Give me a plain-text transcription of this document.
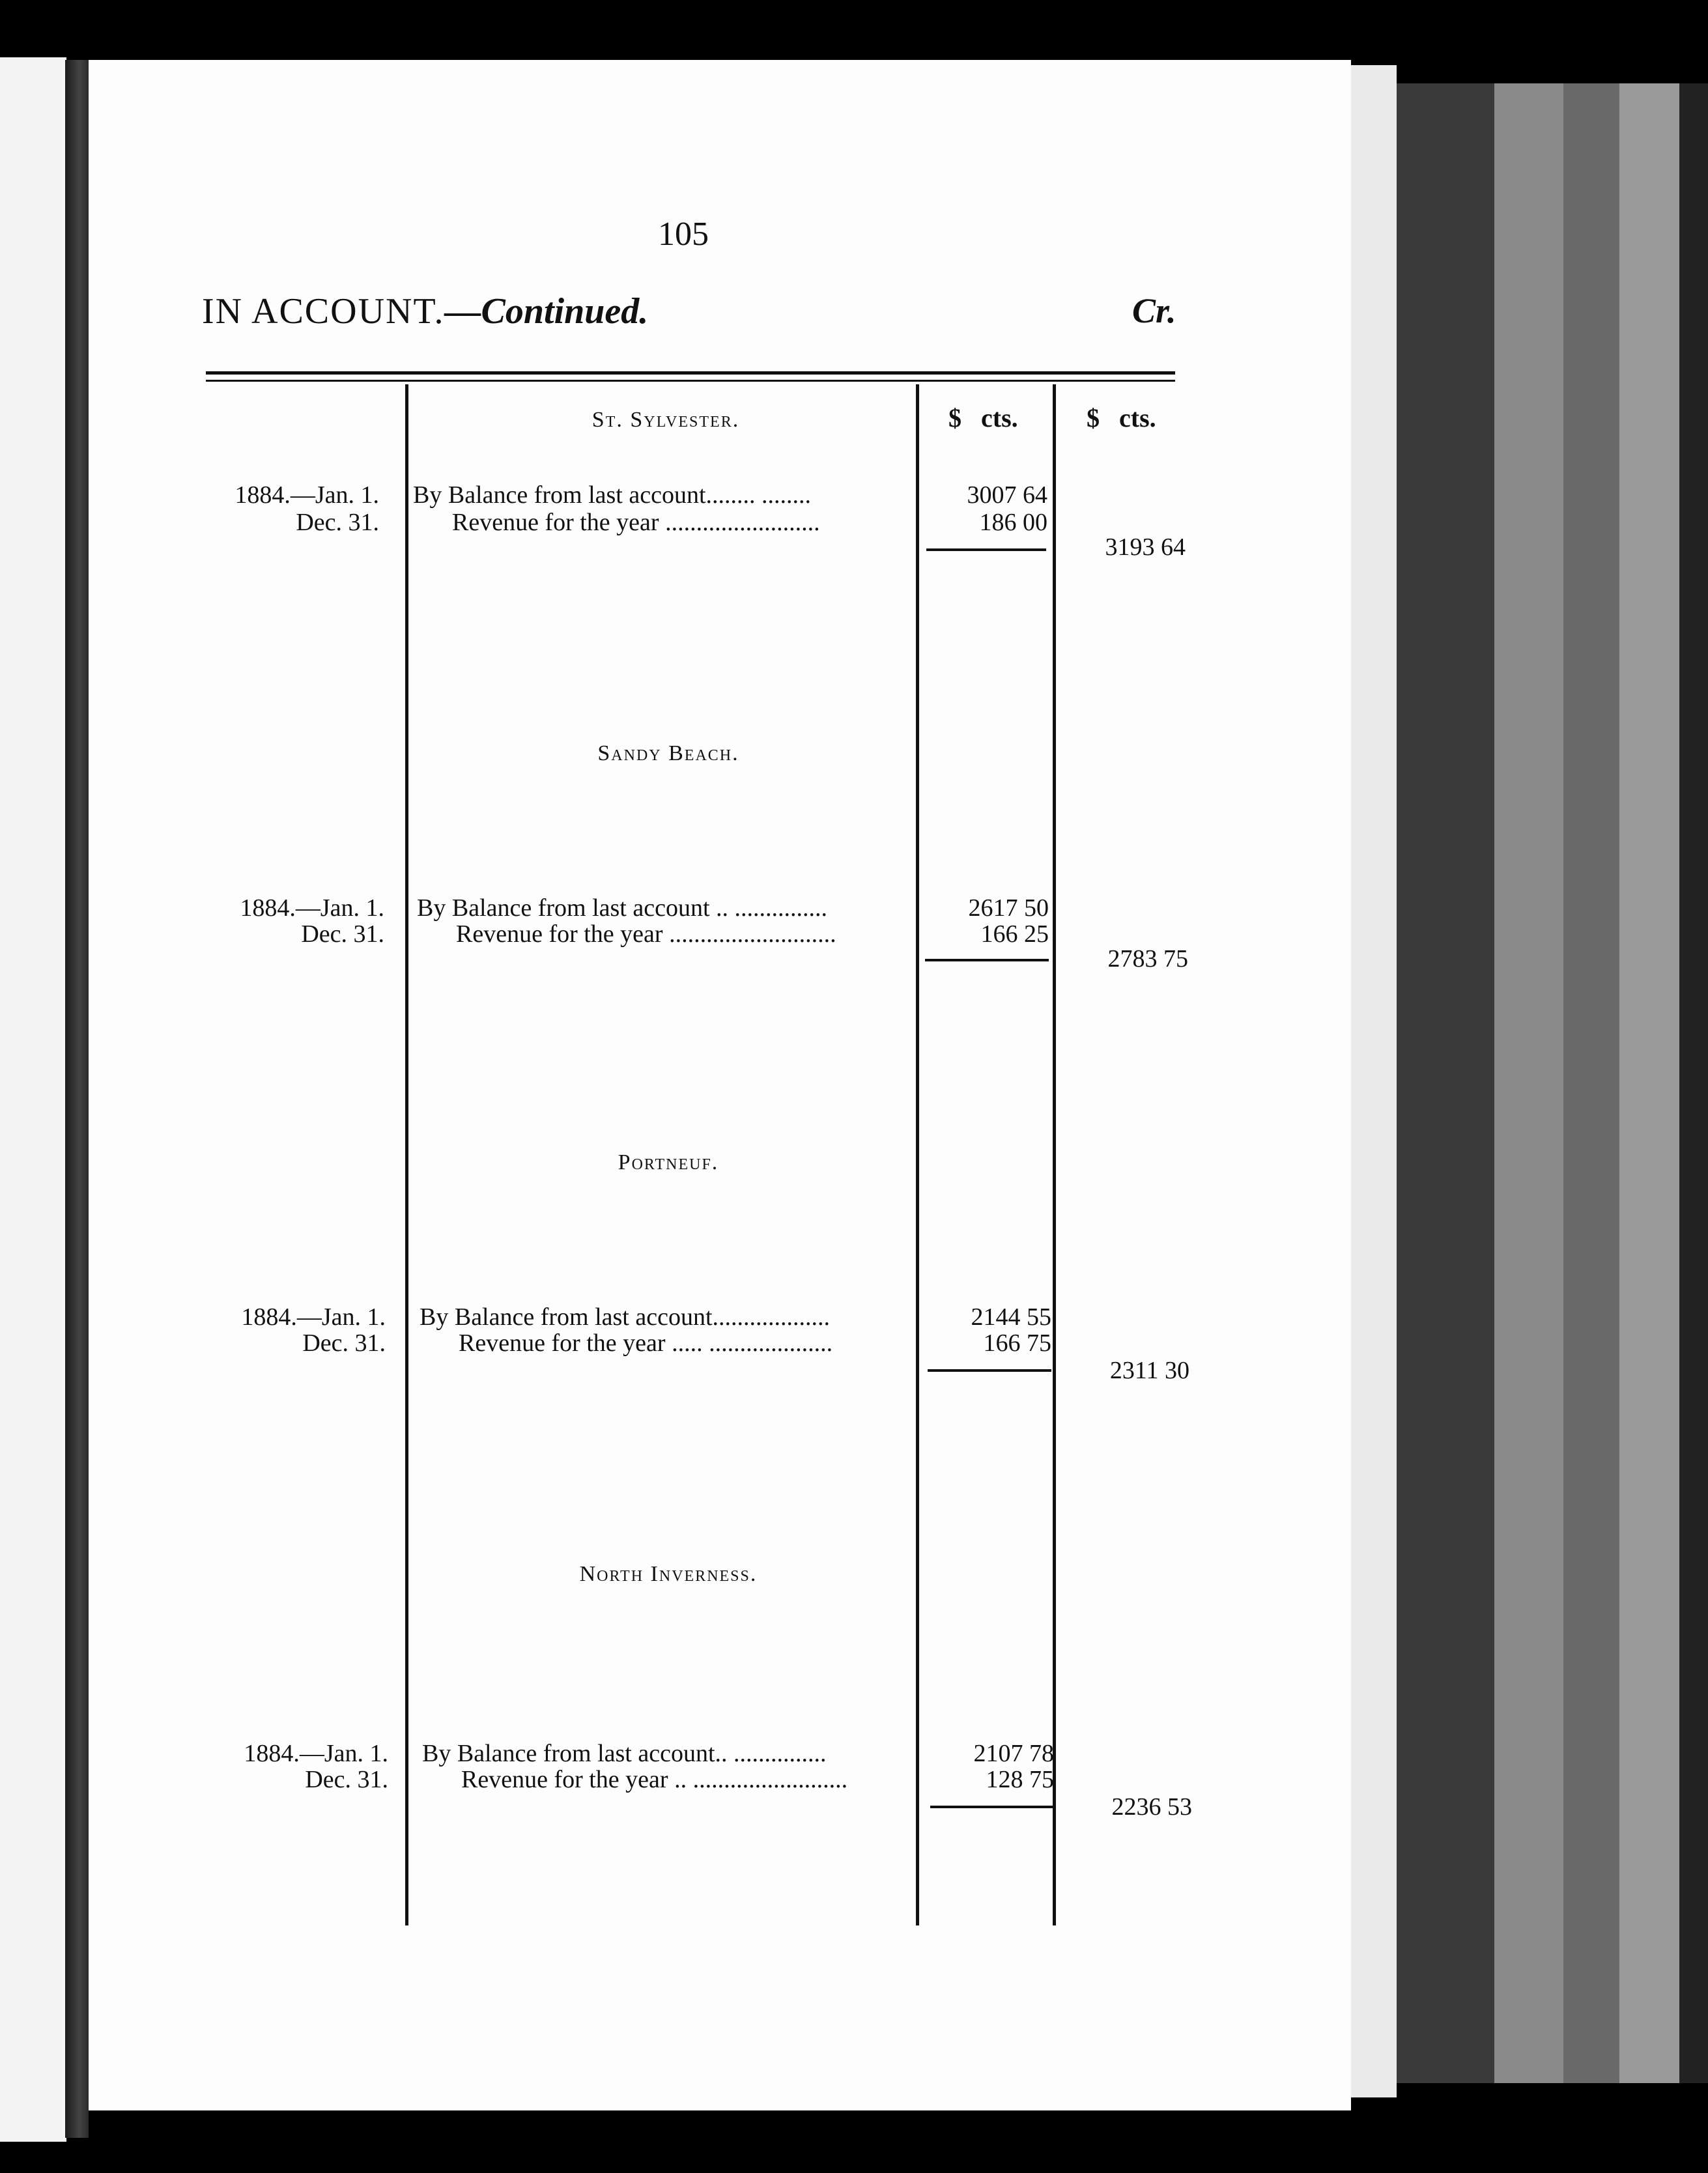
105
IN ACCOUNT.—Continued.	Cr.
$   cts.	$   cts.
St. Sylvester.
1884.—Jan. 1. By Balance from last account........ ........	3007 64
Dec. 31.	Revenue for the year .........................	186 00
3193 64
Sandy Beach.
1884.—Jan. 1. By Balance from last account .. ...............	2617 50
Dec. 31.	Revenue for the year ...........................	166 25
2783 75
Portneuf.
1884.—Jan. 1. By Balance from last account...................	2144 55
Dec. 31.	Revenue for the year ..... ....................	166 75
2311 30
North Inverness.
1884.—Jan. 1. By Balance from last account.. ...............	2107 78
Dec. 31.	Revenue for the year .. .........................	128 75
2236 53
